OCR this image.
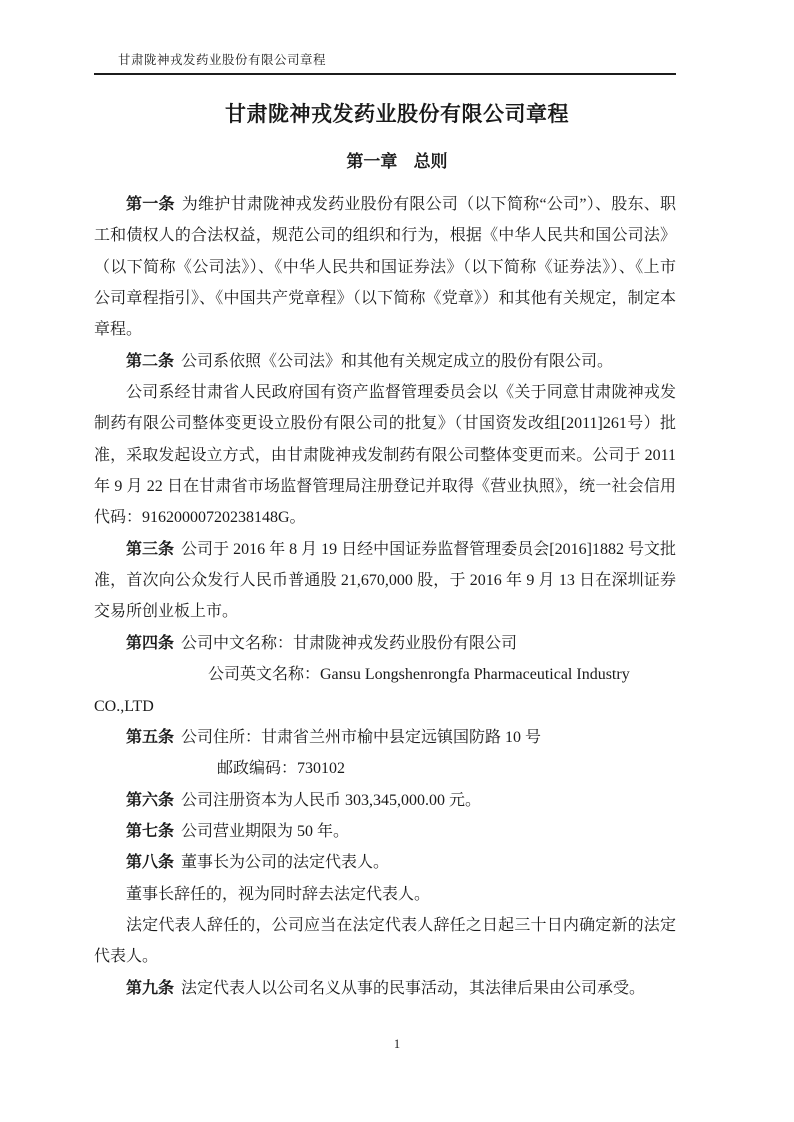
甘肃陇神戎发药业股份有限公司章程
甘肃陇神戎发药业股份有限公司章程
第一章 总则

第一条 为维护甘肃陇神戎发药业股份有限公司（以下简称“公司”）、股东、职工和债权人的合法权益，规范公司的组织和行为，根据《中华人民共和国公司法》（以下简称《公司法》）、《中华人民共和国证券法》（以下简称《证券法》）、《上市公司章程指引》、《中国共产党章程》（以下简称《党章》）和其他有关规定，制定本章程。

第二条 公司系依照《公司法》和其他有关规定成立的股份有限公司。

公司系经甘肃省人民政府国有资产监督管理委员会以《关于同意甘肃陇神戎发制药有限公司整体变更设立股份有限公司的批复》（甘国资发改组[2011]261号）批准，采取发起设立方式，由甘肃陇神戎发制药有限公司整体变更而来。公司于 2011 年 9 月 22 日在甘肃省市场监督管理局注册登记并取得《营业执照》，统一社会信用代码：91620000720238148G。

第三条 公司于 2016 年 8 月 19 日经中国证券监督管理委员会[2016]1882 号文批准，首次向公众发行人民币普通股 21,670,000 股，于 2016 年 9 月 13 日在深圳证券交易所创业板上市。

第四条 公司中文名称：甘肃陇神戎发药业股份有限公司

公司英文名称：Gansu Longshenrongfa Pharmaceutical Industry

CO.,LTD

第五条 公司住所：甘肃省兰州市榆中县定远镇国防路 10 号

邮政编码：730102

第六条 公司注册资本为人民币 303,345,000.00 元。

第七条 公司营业期限为 50 年。

第八条 董事长为公司的法定代表人。

董事长辞任的，视为同时辞去法定代表人。

法定代表人辞任的，公司应当在法定代表人辞任之日起三十日内确定新的法定代表人。

第九条 法定代表人以公司名义从事的民事活动，其法律后果由公司承受。

1
